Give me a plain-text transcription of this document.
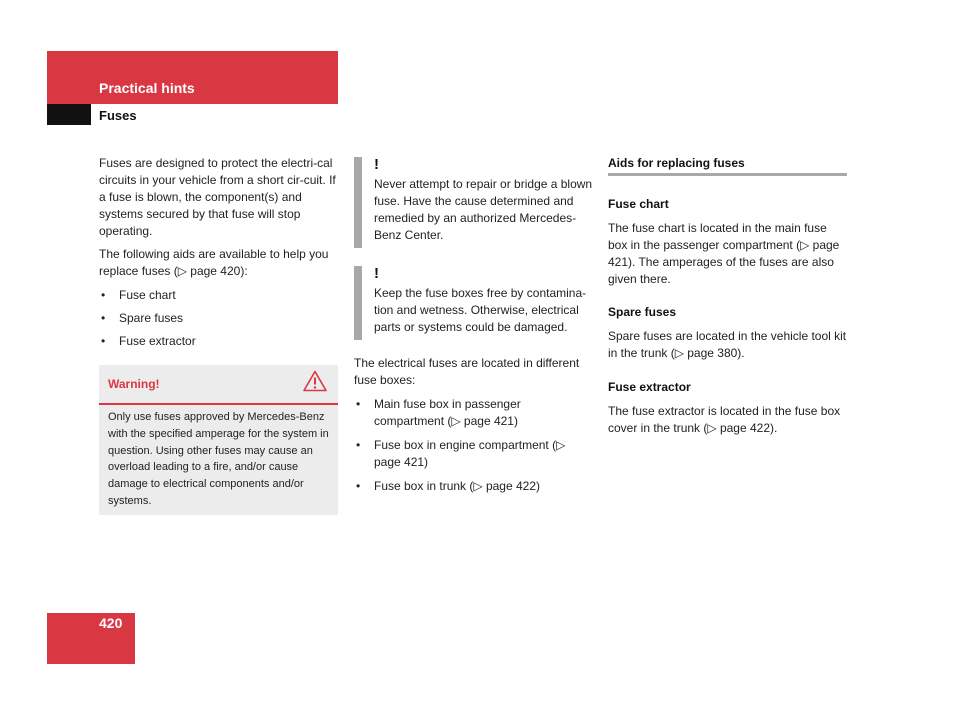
Practical hints
Fuses
Fuses are designed to protect the electri-cal circuits in your vehicle from a short cir-cuit. If a fuse is blown, the component(s) and systems secured by that fuse will stop operating.
The following aids are available to help you replace fuses (▷ page 420):
• Fuse chart
• Spare fuses
• Fuse extractor
Warning!
Only use fuses approved by Mercedes-Benz with the specified amperage for the system in question. Using other fuses may cause an overload leading to a fire, and/or cause damage to electrical components and/or systems.
!
Never attempt to repair or bridge a blown fuse. Have the cause determined and remedied by an authorized Mercedes-Benz Center.
!
Keep the fuse boxes free by contamina-tion and wetness. Otherwise, electrical parts or systems could be damaged.
The electrical fuses are located in different fuse boxes:
• Main fuse box in passenger compartment (▷ page 421)
• Fuse box in engine compartment (▷ page 421)
• Fuse box in trunk (▷ page 422)
Aids for replacing fuses
Fuse chart
The fuse chart is located in the main fuse box in the passenger compartment (▷ page 421). The amperages of the fuses are also given there.
Spare fuses
Spare fuses are located in the vehicle tool kit in the trunk (▷ page 380).
Fuse extractor
The fuse extractor is located in the fuse box cover in the trunk (▷ page 422).
420
